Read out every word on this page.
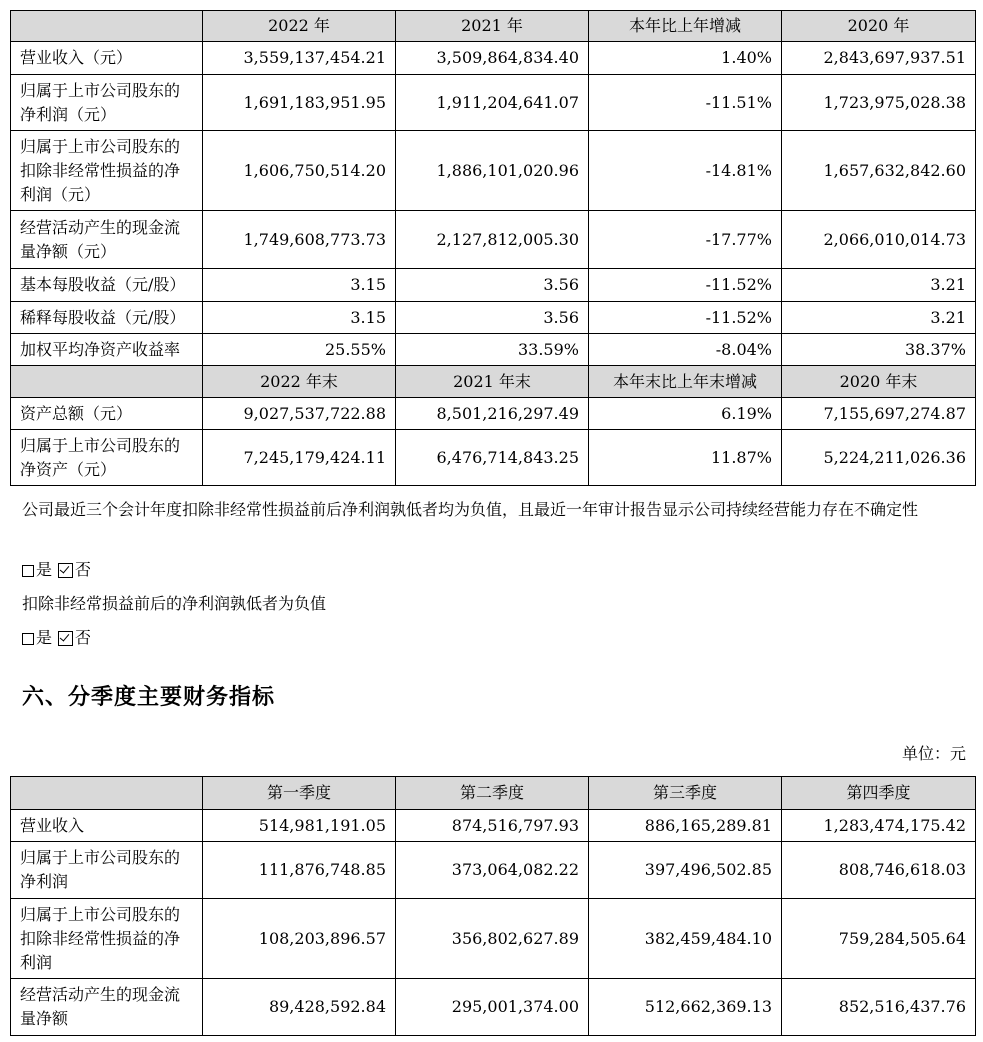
	2022 年	2021 年	本年比上年增减	2020 年
营业收入（元）	3,559,137,454.21	3,509,864,834.40	1.40%	2,843,697,937.51
归属于上市公司股东的净利润（元）	1,691,183,951.95	1,911,204,641.07	-11.51%	1,723,975,028.38
归属于上市公司股东的扣除非经常性损益的净利润（元）	1,606,750,514.20	1,886,101,020.96	-14.81%	1,657,632,842.60
经营活动产生的现金流量净额（元）	1,749,608,773.73	2,127,812,005.30	-17.77%	2,066,010,014.73
基本每股收益（元/股）	3.15	3.56	-11.52%	3.21
稀释每股收益（元/股）	3.15	3.56	-11.52%	3.21
加权平均净资产收益率	25.55%	33.59%	-8.04%	38.37%
	2022 年末	2021 年末	本年末比上年末增减	2020 年末
资产总额（元）	9,027,537,722.88	8,501,216,297.49	6.19%	7,155,697,274.87
归属于上市公司股东的净资产（元）	7,245,179,424.11	6,476,714,843.25	11.87%	5,224,211,026.36
公司最近三个会计年度扣除非经常性损益前后净利润孰低者均为负值，且最近一年审计报告显示公司持续经营能力存在不确定性
是 否
扣除非经常损益前后的净利润孰低者为负值
是 否
六、分季度主要财务指标
单位：元
	第一季度	第二季度	第三季度	第四季度
营业收入	514,981,191.05	874,516,797.93	886,165,289.81	1,283,474,175.42
归属于上市公司股东的净利润	111,876,748.85	373,064,082.22	397,496,502.85	808,746,618.03
归属于上市公司股东的扣除非经常性损益的净利润	108,203,896.57	356,802,627.89	382,459,484.10	759,284,505.64
经营活动产生的现金流量净额	89,428,592.84	295,001,374.00	512,662,369.13	852,516,437.76
